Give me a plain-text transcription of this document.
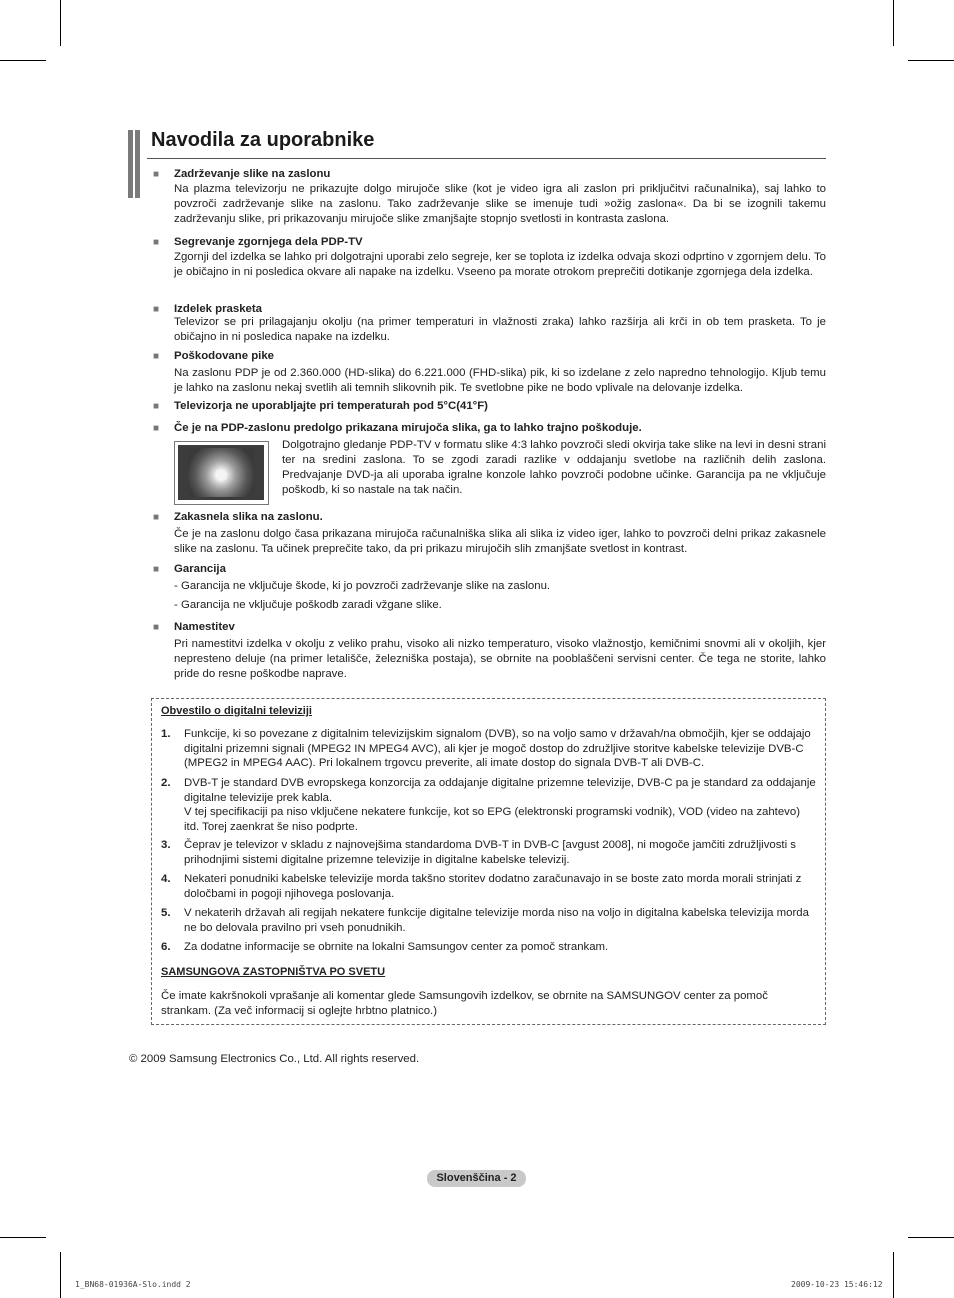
Navodila za uporabnike
■ Zadrževanje slike na zaslonu
Na plazma televizorju ne prikazujte dolgo mirujoče slike (kot je video igra ali zaslon pri priključitvi računalnika), saj lahko to povzroči zadrževanje slike na zaslonu. Tako zadrževanje slike se imenuje tudi »ožig zaslona«. Da bi se izognili takemu zadrževanju slike, pri prikazovanju mirujoče slike zmanjšajte stopnjo svetlosti in kontrasta zaslona.
■ Segrevanje zgornjega dela PDP-TV
Zgornji del izdelka se lahko pri dolgotrajni uporabi zelo segreje, ker se toplota iz izdelka odvaja skozi odprtino v zgornjem delu. To je običajno in ni posledica okvare ali napake na izdelku. Vseeno pa morate otrokom preprečiti dotikanje zgornjega dela izdelka.
■ Izdelek prasketa
Televizor se pri prilagajanju okolju (na primer temperaturi in vlažnosti zraka) lahko razširja ali krči in ob tem prasketa. To je običajno in ni posledica napake na izdelku.
■ Poškodovane pike
Na zaslonu PDP je od 2.360.000 (HD-slika) do 6.221.000 (FHD-slika) pik, ki so izdelane z zelo napredno tehnologijo. Kljub temu je lahko na zaslonu nekaj svetlih ali temnih slikovnih pik. Te svetlobne pike ne bodo vplivale na delovanje izdelka.
■ Televizorja ne uporabljajte pri temperaturah pod 5°C(41°F)
■ Če je na PDP-zaslonu predolgo prikazana mirujoča slika, ga to lahko trajno poškoduje.
Dolgotrajno gledanje PDP-TV v formatu slike 4:3 lahko povzroči sledi okvirja take slike na levi in desni strani ter na sredini zaslona. To se zgodi zaradi razlike v oddajanju svetlobe na različnih delih zaslona. Predvajanje DVD-ja ali uporaba igralne konzole lahko povzroči podobne učinke. Garancija pa ne vključuje poškodb, ki so nastale na tak način.
■ Zakasnela slika na zaslonu.
Če je na zaslonu dolgo časa prikazana mirujoča računalniška slika ali slika iz video iger, lahko to povzroči delni prikaz zakasnele slike na zaslonu. Ta učinek preprečite tako, da pri prikazu mirujočih slih zmanjšate svetlost in kontrast.
■ Garancija
- Garancija ne vključuje škode, ki jo povzroči zadrževanje slike na zaslonu.
- Garancija ne vključuje poškodb zaradi vžgane slike.
■ Namestitev
Pri namestitvi izdelka v okolju z veliko prahu, visoko ali nizko temperaturo, visoko vlažnostjo, kemičnimi snovmi ali v okoljih, kjer nepresteno deluje (na primer letališče, železniška postaja), se obrnite na pooblaščeni servisni center. Če tega ne storite, lahko pride do resne poškodbe naprave.
Obvestilo o digitalni televiziji
1. Funkcije, ki so povezane z digitalnim televizijskim signalom (DVB), so na voljo samo v državah/na območjih, kjer se oddajajo digitalni prizemni signali (MPEG2 IN MPEG4 AVC), ali kjer je mogoč dostop do združljive storitve kabelske televizije DVB-C (MPEG2 in MPEG4 AAC). Pri lokalnem trgovcu preverite, ali imate dostop do signala DVB-T ali DVB-C.
2. DVB-T je standard DVB evropskega konzorcija za oddajanje digitalne prizemne televizije, DVB-C pa je standard za oddajanje digitalne televizije prek kabla.
V tej specifikaciji pa niso vključene nekatere funkcije, kot so EPG (elektronski programski vodnik), VOD (video na zahtevo) itd. Torej zaenkrat še niso podprte.
3. Čeprav je televizor v skladu z najnovejšima standardoma DVB-T in DVB-C [avgust 2008], ni mogoče jamčiti združljivosti s prihodnjimi sistemi digitalne prizemne televizije in digitalne kabelske televizij.
4. Nekateri ponudniki kabelske televizije morda takšno storitev dodatno zaračunavajo in se boste zato morda morali strinjati z določbami in pogoji njihovega poslovanja.
5. V nekaterih državah ali regijah nekatere funkcije digitalne televizije morda niso na voljo in digitalna kabelska televizija morda ne bo delovala pravilno pri vseh ponudnikih.
6. Za dodatne informacije se obrnite na lokalni Samsungov center za pomoč strankam.
SAMSUNGOVA ZASTOPNIŠTVA PO SVETU
Če imate kakršnokoli vprašanje ali komentar glede Samsungovih izdelkov, se obrnite na SAMSUNGOV center za pomoč strankam. (Za več informacij si oglejte hrbtno platnico.)
© 2009 Samsung Electronics Co., Ltd. All rights reserved.
Slovenščina - 2
1_BN68-01936A-Slo.indd 2	2009-10-23 15:46:12
